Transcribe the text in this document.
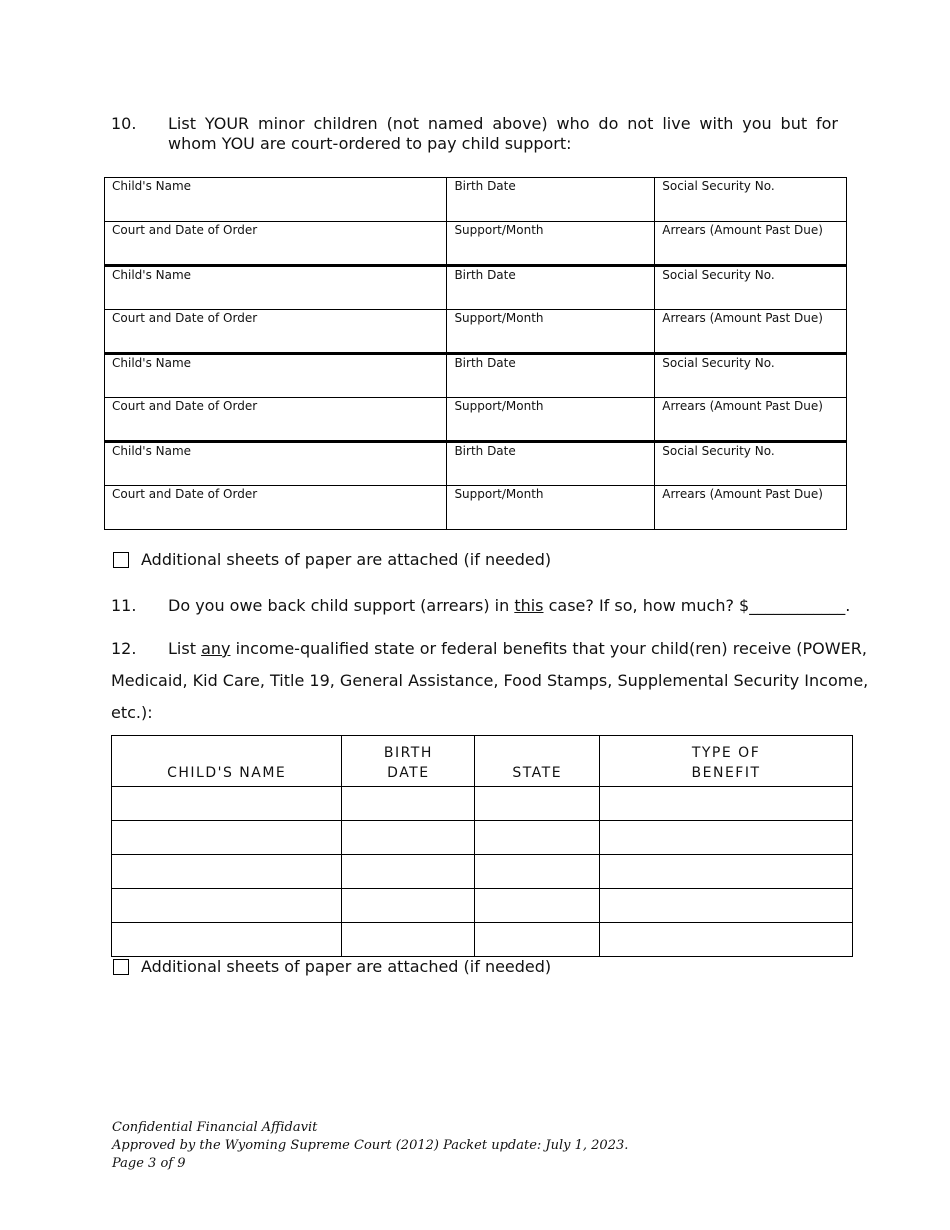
10. List YOUR minor children (not named above) who do not live with you but for whom YOU are court-ordered to pay child support:
Child's Name	Birth Date	Social Security No.
Court and Date of Order	Support/Month	Arrears (Amount Past Due)
Child's Name	Birth Date	Social Security No.
Court and Date of Order	Support/Month	Arrears (Amount Past Due)
Child's Name	Birth Date	Social Security No.
Court and Date of Order	Support/Month	Arrears (Amount Past Due)
Child's Name	Birth Date	Social Security No.
Court and Date of Order	Support/Month	Arrears (Amount Past Due)
Additional sheets of paper are attached (if needed)
11. Do you owe back child support (arrears) in this case? If so, how much? $____________.
12. List any income-qualified state or federal benefits that your child(ren) receive (POWER,
Medicaid, Kid Care, Title 19, General Assistance, Food Stamps, Supplemental Security Income,
etc.):
CHILD'S NAME	BIRTH DATE	STATE	TYPE OF BENEFIT

Additional sheets of paper are attached (if needed)
Confidential Financial Affidavit
Approved by the Wyoming Supreme Court (2012) Packet update: July 1, 2023.
Page 3 of 9
